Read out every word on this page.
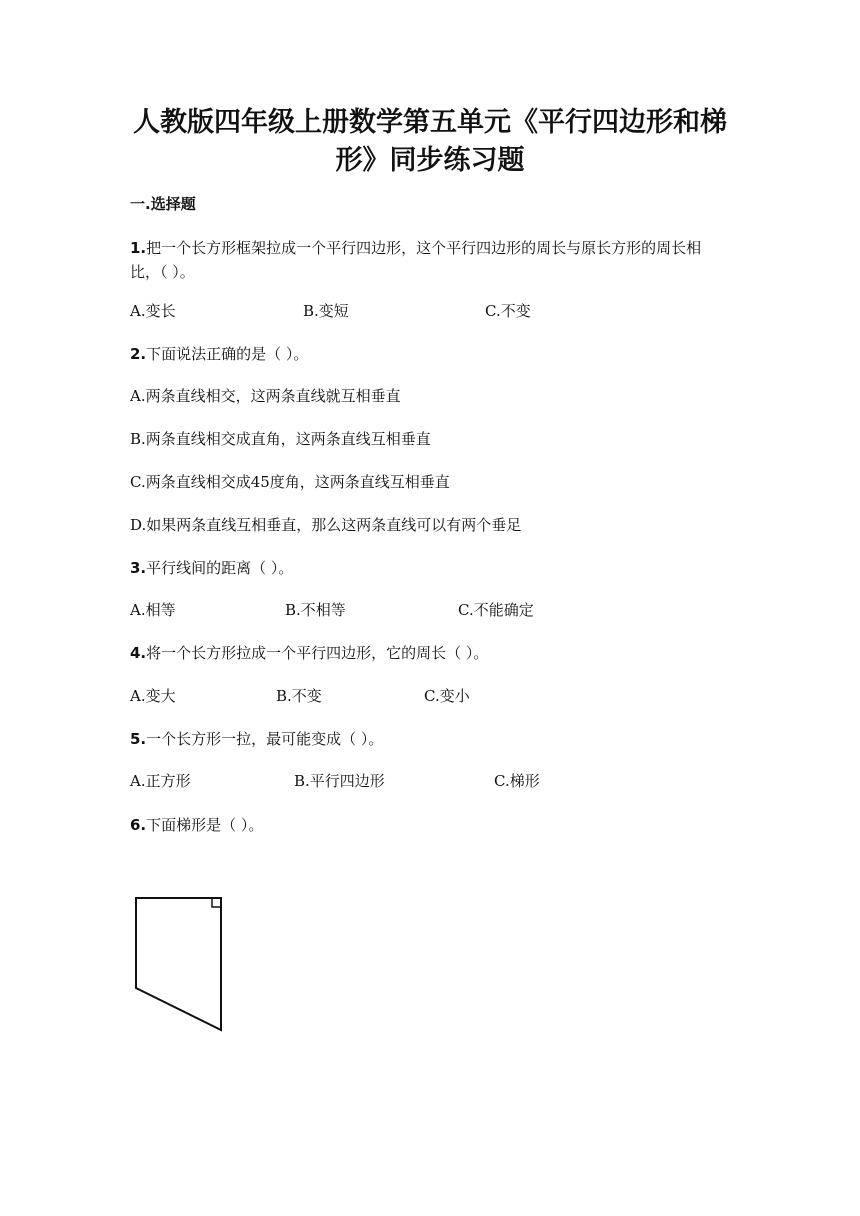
人教版四年级上册数学第五单元《平行四边形和梯
形》同步练习题
一.选择题
1.把一个长方形框架拉成一个平行四边形，这个平行四边形的周长与原长方形的周长相比，（ ）。
A.变长	B.变短	C.不变
2.下面说法正确的是（ ）。
A.两条直线相交，这两条直线就互相垂直
B.两条直线相交成直角，这两条直线互相垂直
C.两条直线相交成45度角，这两条直线互相垂直
D.如果两条直线互相垂直，那么这两条直线可以有两个垂足
3.平行线间的距离（ ）。
A.相等	B.不相等	C.不能确定
4.将一个长方形拉成一个平行四边形，它的周长（ ）。
A.变大	B.不变	C.变小
5.一个长方形一拉，最可能变成（ ）。
A.正方形	B.平行四边形	C.梯形
6.下面梯形是（ ）。
